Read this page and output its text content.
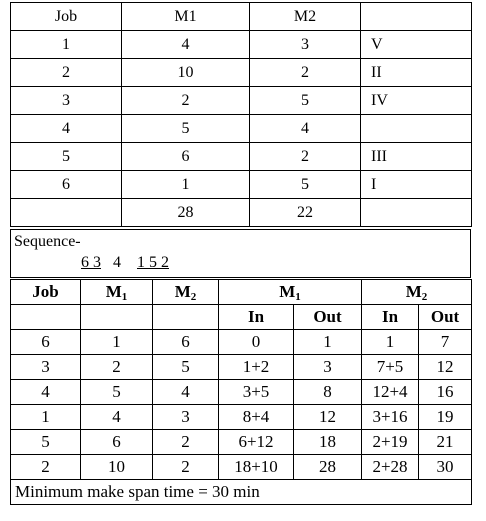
Job	M1	M2	
1	4	3	V
2	10	2	II
3	2	5	IV
4	5	4	
5	6	2	III
6	1	5	I
	28	22	
Sequence-
6 3 4 1 5 2
Job	$M_1$	$M_2$	$M_1$		$M_2$
			In	Out	In	Out
6	1	6	0	1	1	7
3	2	5	1+2	3	7+5	12
4	5	4	3+5	8	12+4	16
1	4	3	8+4	12	3+16	19
5	6	2	6+12	18	2+19	21
2	10	2	18+10	28	2+28	30
Minimum make span time = 30 min						
